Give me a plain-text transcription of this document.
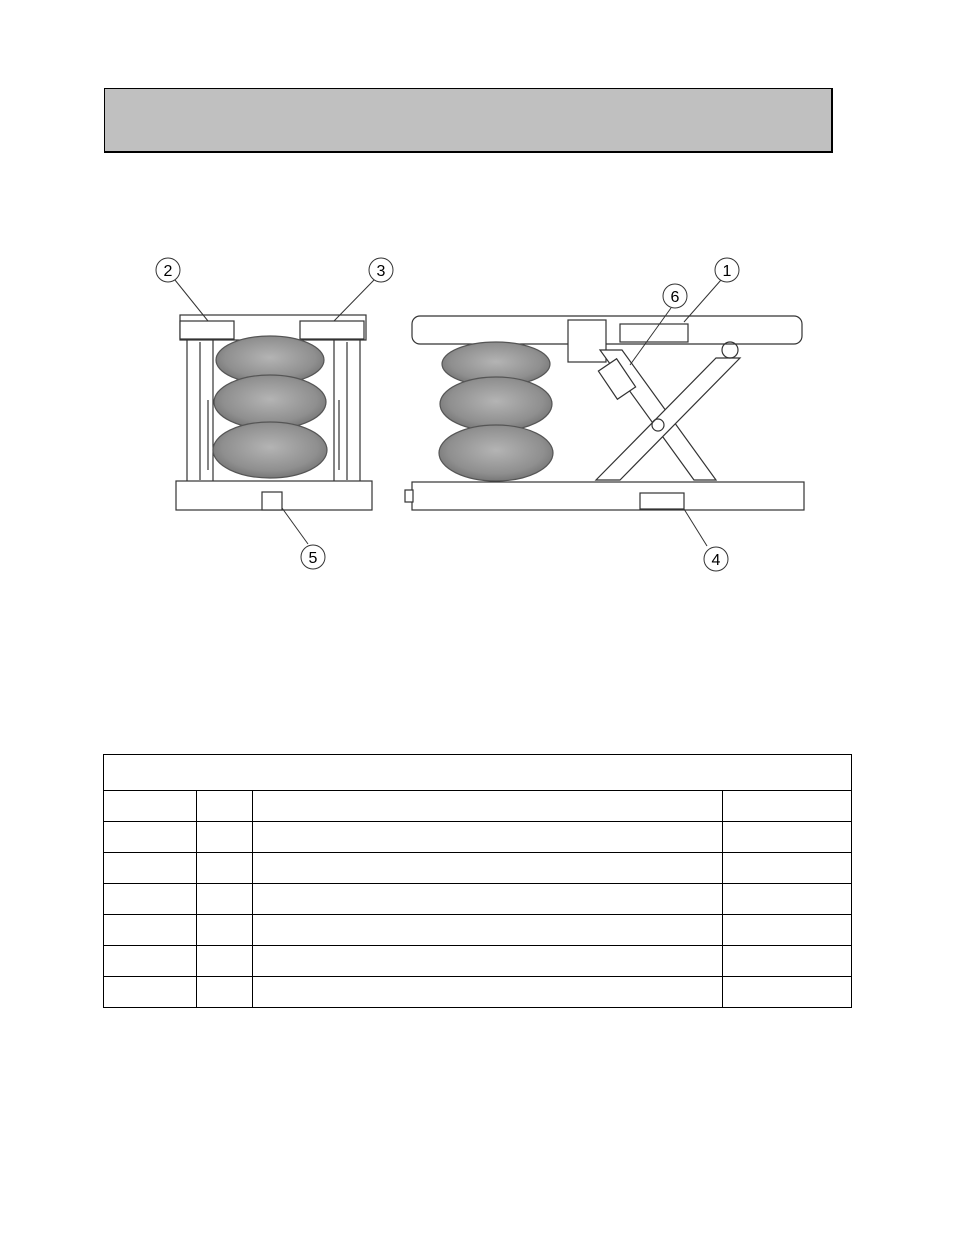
2	3	1
6
5	4
